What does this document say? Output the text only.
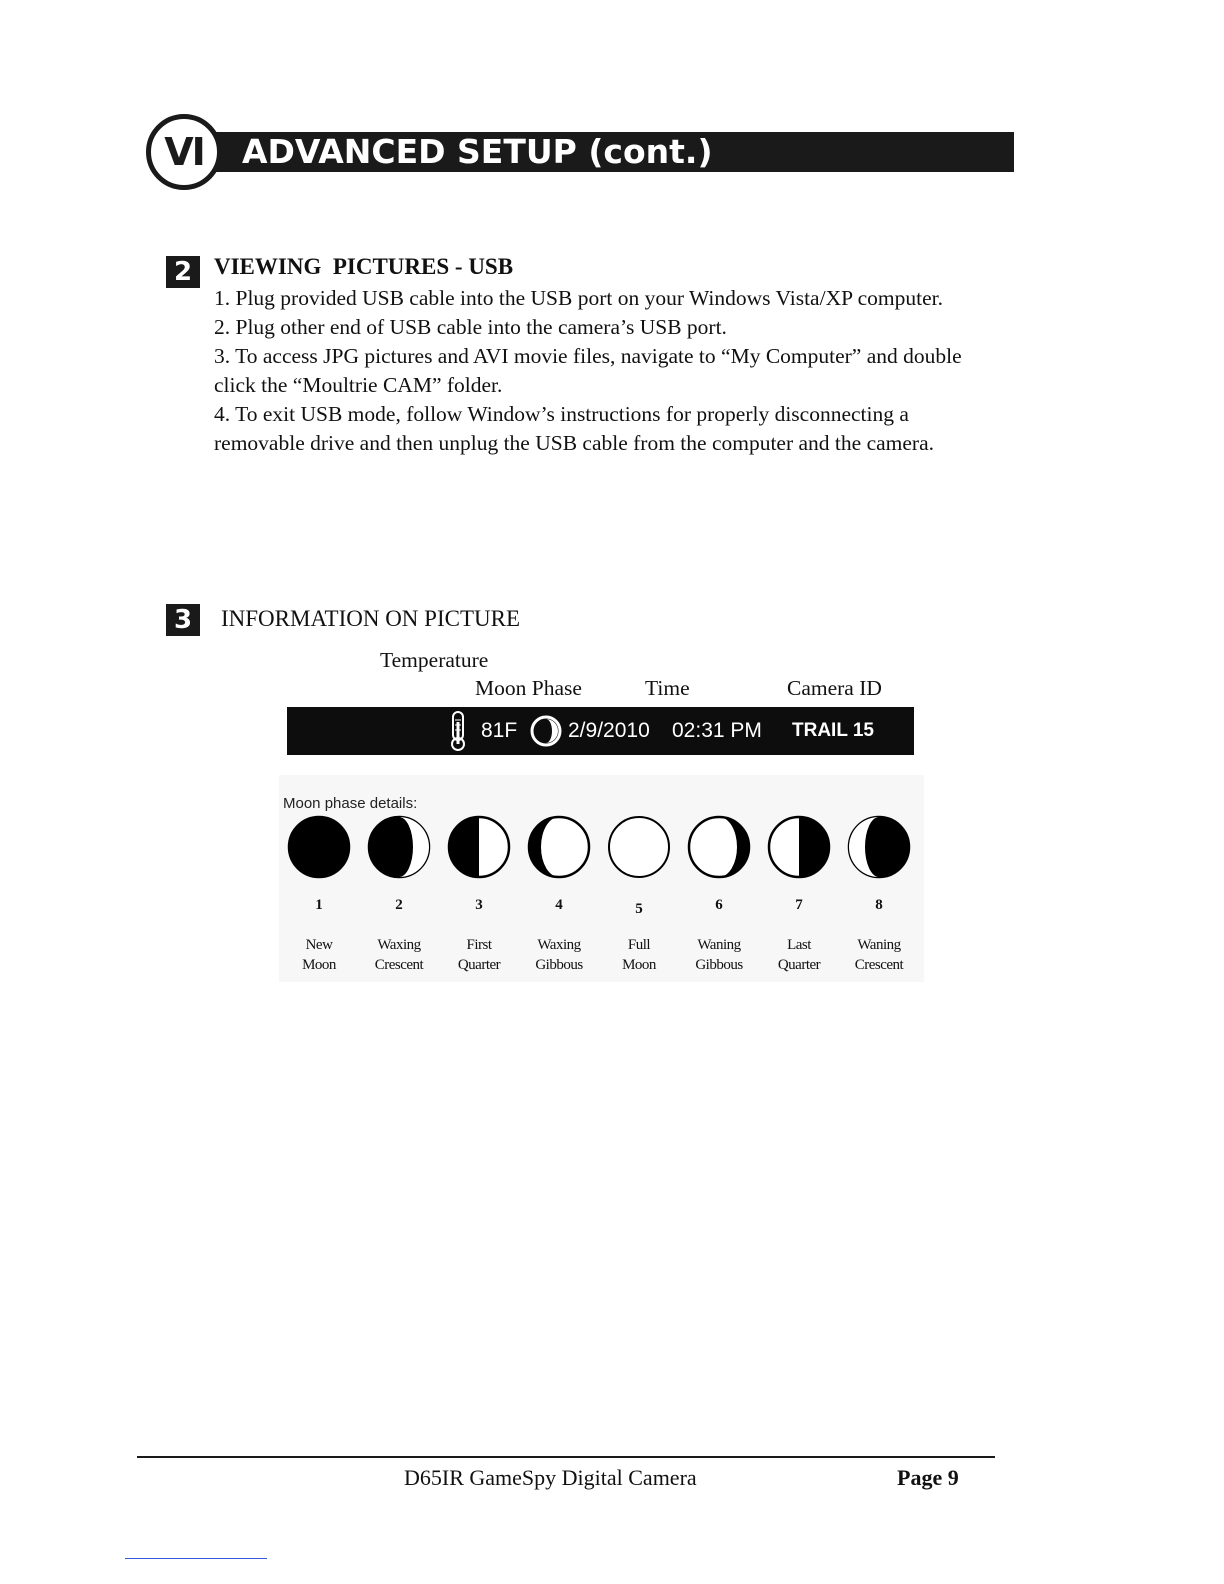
ADVANCED SETUP (cont.)
VI
2 VIEWING  PICTURES - USB

1. Plug provided USB cable into the USB port on your Windows Vista/XP computer.

2. Plug other end of USB cable into the camera’s USB port.

3. To access JPG pictures and AVI movie files, navigate to “My Computer” and double click the “Moultrie CAM” folder.

4. To exit USB mode, follow Window’s instructions for properly disconnecting a removable drive and then unplug the USB cable from the computer and the camera.

3	INFORMATION ON PICTURE
Temperature
Moon Phase	Time	Camera ID
81F 2/9/2010 02:31 PM TRAIL 15
Moon phase details:
1
New
Moon
2
Waxing
Crescent
3
First
Quarter
4
Waxing
Gibbous
5
Full
Moon
6
Waning
Gibbous
7
Last
Quarter
8
Waning
Crescent
D65IR GameSpy Digital Camera	Page 9
